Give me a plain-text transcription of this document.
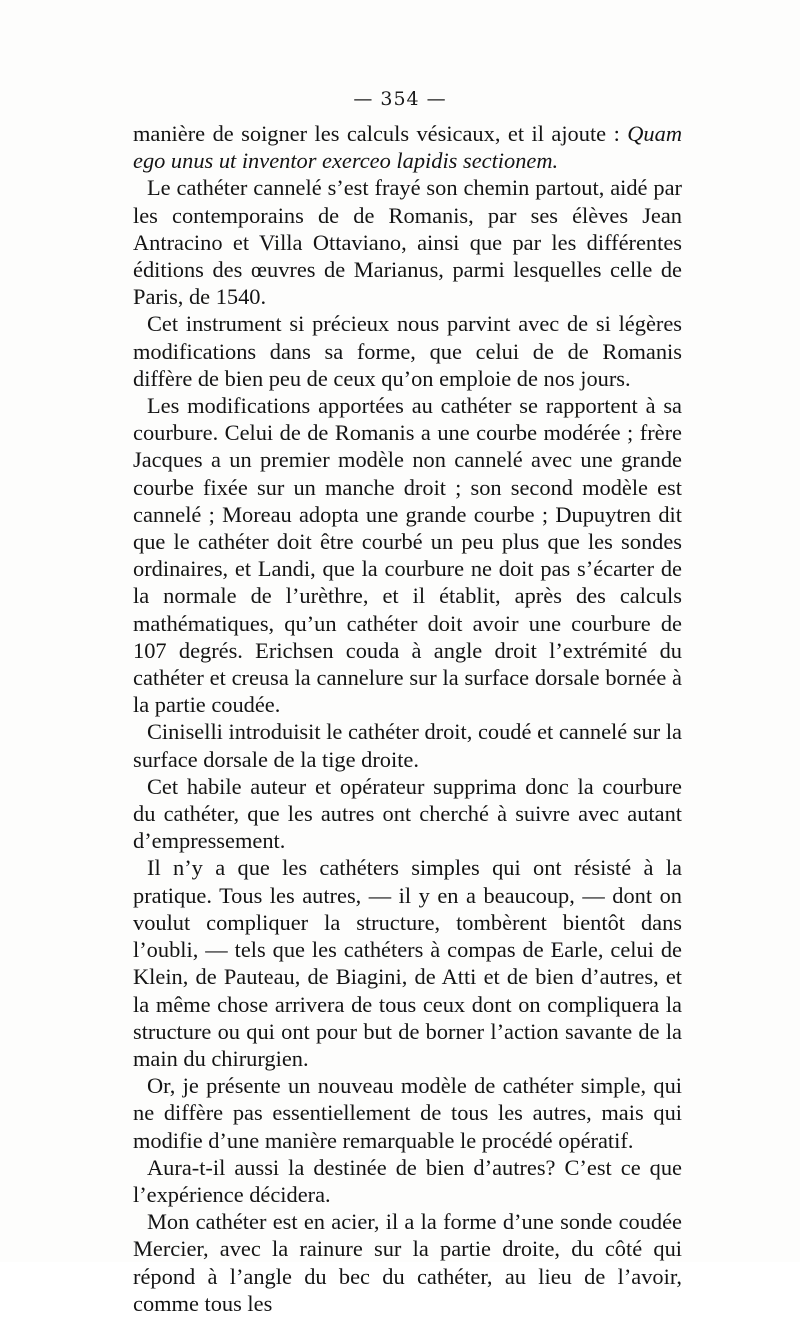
— 354 —

manière de soigner les calculs vésicaux, et il ajoute : Quam ego unus ut inventor exerceo lapidis sectionem.

Le cathéter cannelé s’est frayé son chemin partout, aidé par les contemporains de de Romanis, par ses élèves Jean Antracino et Villa Ottaviano, ainsi que par les différentes éditions des œuvres de Marianus, parmi lesquelles celle de Paris, de 1540.

Cet instrument si précieux nous parvint avec de si légères modifications dans sa forme, que celui de de Romanis diffère de bien peu de ceux qu’on emploie de nos jours.

Les modifications apportées au cathéter se rapportent à sa courbure. Celui de de Romanis a une courbe modérée ; frère Jacques a un premier modèle non cannelé avec une grande courbe fixée sur un manche droit ; son second modèle est cannelé ; Moreau adopta une grande courbe ; Dupuytren dit que le cathéter doit être courbé un peu plus que les sondes ordinaires, et Landi, que la courbure ne doit pas s’écarter de la normale de l’urèthre, et il établit, après des calculs mathématiques, qu’un cathéter doit avoir une courbure de 107 degrés. Erichsen couda à angle droit l’extrémité du cathéter et creusa la cannelure sur la surface dorsale bornée à la partie coudée.

Ciniselli introduisit le cathéter droit, coudé et cannelé sur la surface dorsale de la tige droite.

Cet habile auteur et opérateur supprima donc la courbure du cathéter, que les autres ont cherché à suivre avec autant d’empressement.

Il n’y a que les cathéters simples qui ont résisté à la pratique. Tous les autres, — il y en a beaucoup, — dont on voulut compliquer la structure, tombèrent bientôt dans l’oubli, — tels que les cathéters à compas de Earle, celui de Klein, de Pauteau, de Biagini, de Atti et de bien d’autres, et la même chose arrivera de tous ceux dont on compliquera la structure ou qui ont pour but de borner l’action savante de la main du chirurgien.

Or, je présente un nouveau modèle de cathéter simple, qui ne diffère pas essentiellement de tous les autres, mais qui modifie d’une manière remarquable le procédé opératif.

Aura-t-il aussi la destinée de bien d’autres? C’est ce que l’expérience décidera.

Mon cathéter est en acier, il a la forme d’une sonde coudée Mercier, avec la rainure sur la partie droite, du côté qui répond à l’angle du bec du cathéter, au lieu de l’avoir, comme tous les
